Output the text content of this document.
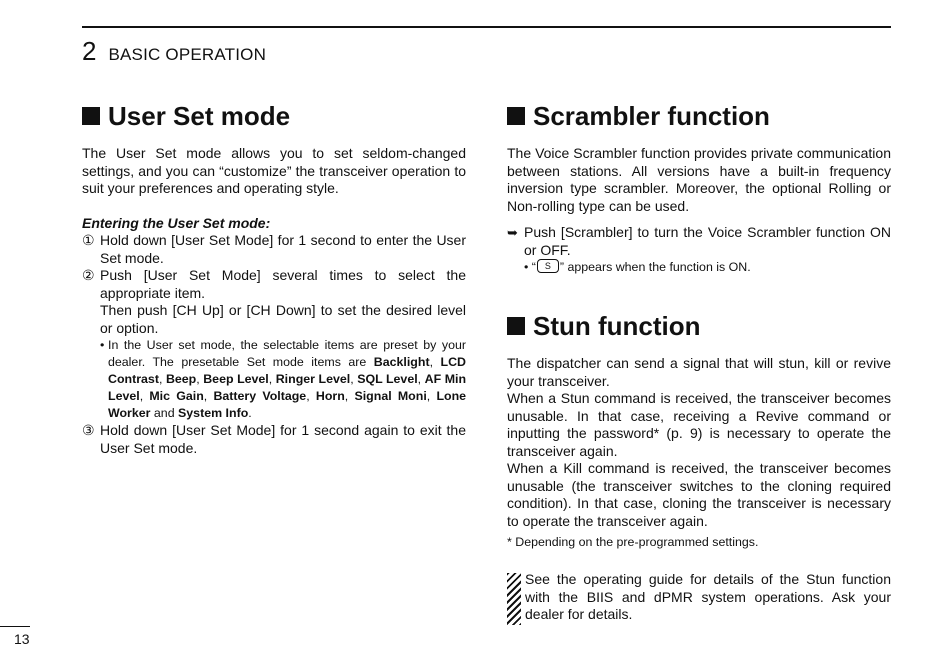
2 BASIC OPERATION
User Set mode

The User Set mode allows you to set seldom-changed settings, and you can “customize” the transceiver operation to suit your preferences and operating style.

Entering the User Set mode:
① Hold down [User Set Mode] for 1 second to enter the User Set mode.
② Push [User Set Mode] several times to select the appropriate item.
Then push [CH Up] or [CH Down] to set the desired level or option.
• In the User set mode, the selectable items are preset by your dealer. The presetable Set mode items are Backlight, LCD Contrast, Beep, Beep Level, Ringer Level, SQL Level, AF Min Level, Mic Gain, Battery Voltage, Horn, Signal Moni, Lone Worker and System Info.
③ Hold down [User Set Mode] for 1 second again to exit the User Set mode.
Scrambler function

The Voice Scrambler function provides private communication between stations. All versions have a built-in frequency inversion type scrambler. Moreover, the optional Rolling or Non-rolling type can be used.

➥ Push [Scrambler] to turn the Voice Scrambler function ON or OFF.
• “ S ” appears when the function is ON.
Stun function

The dispatcher can send a signal that will stun, kill or revive your transceiver.

When a Stun command is received, the transceiver becomes unusable. In that case, receiving a Revive command or inputting the password* (p. 9) is necessary to operate the transceiver again.

When a Kill command is received, the transceiver becomes unusable (the transceiver switches to the cloning required condition). In that case, cloning the transceiver is necessary to operate the transceiver again.

* Depending on the pre-programmed settings.

See the operating guide for details of the Stun function with the BIIS and dPMR system operations. Ask your dealer for details.

13
